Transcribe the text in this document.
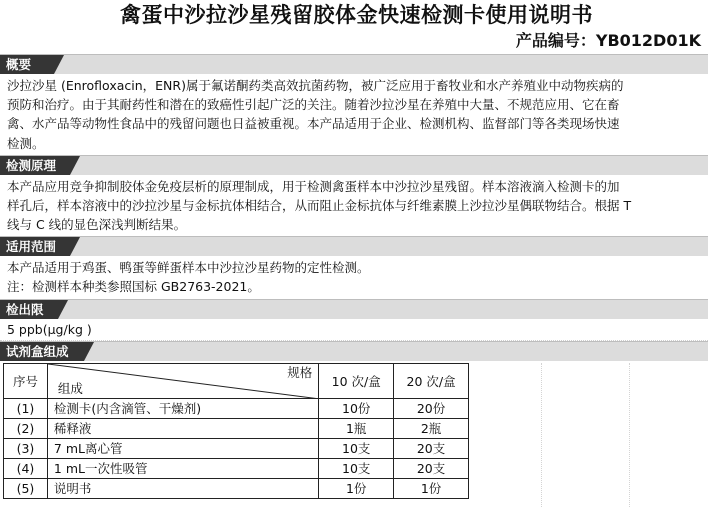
禽蛋中沙拉沙星残留胶体金快速检测卡使用说明书
产品编号：YB012D01K
概要
沙拉沙星 (Enrofloxacin，ENR)属于氟诺酮药类高效抗菌药物，被广泛应用于畜牧业和水产养殖业中动物疾病的
预防和治疗。由于其耐药性和潜在的致癌性引起广泛的关注。随着沙拉沙星在养殖中大量、不规范应用、它在畜
禽、水产品等动物性食品中的残留问题也日益被重视。本产品适用于企业、检测机构、监督部门等各类现场快速
检测。
检测原理
本产品应用竞争抑制胶体金免疫层析的原理制成，用于检测禽蛋样本中沙拉沙星残留。样本溶液滴入检测卡的加
样孔后，样本溶液中的沙拉沙星与金标抗体相结合，从而阻止金标抗体与纤维素膜上沙拉沙星偶联物结合。根据 T
线与 C 线的显色深浅判断结果。
适用范围
本产品适用于鸡蛋、鸭蛋等鲜蛋样本中沙拉沙星药物的定性检测。
注：检测样本种类参照国标 GB2763-2021。
检出限
5 ppb(μg/kg )
试剂盒组成
序号	规格
组成	10 次/盒	20 次/盒
(1)	检测卡(内含滴管、干燥剂)	10份	20份
(2)	稀释液	1瓶	2瓶
(3)	7 mL离心管	10支	20支
(4)	1 mL一次性吸管	10支	20支
(5)	说明书	1份	1份
